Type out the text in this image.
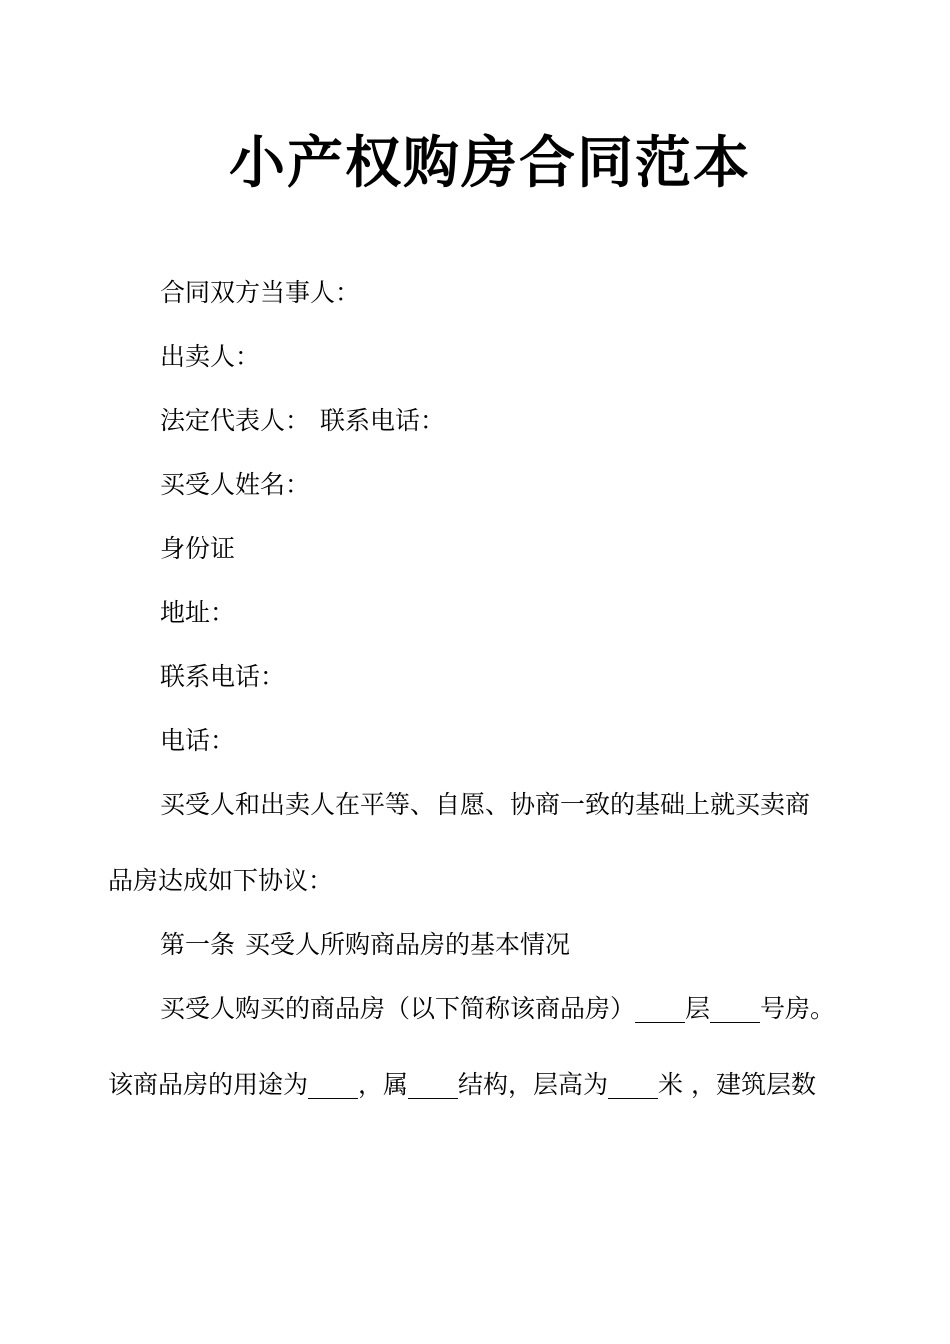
小产权购房合同范本

合同双方当事人：

出卖人：

法定代表人： 联系电话：

买受人姓名：

身份证

地址：

联系电话：

电话：

买受人和出卖人在平等、自愿、协商一致的基础上就买卖商

品房达成如下协议：

第一条 买受人所购商品房的基本情况

买受人购买的商品房（以下简称该商品房）____层____号房。

该商品房的用途为____，属____结构，层高为____米 ，建筑层数
